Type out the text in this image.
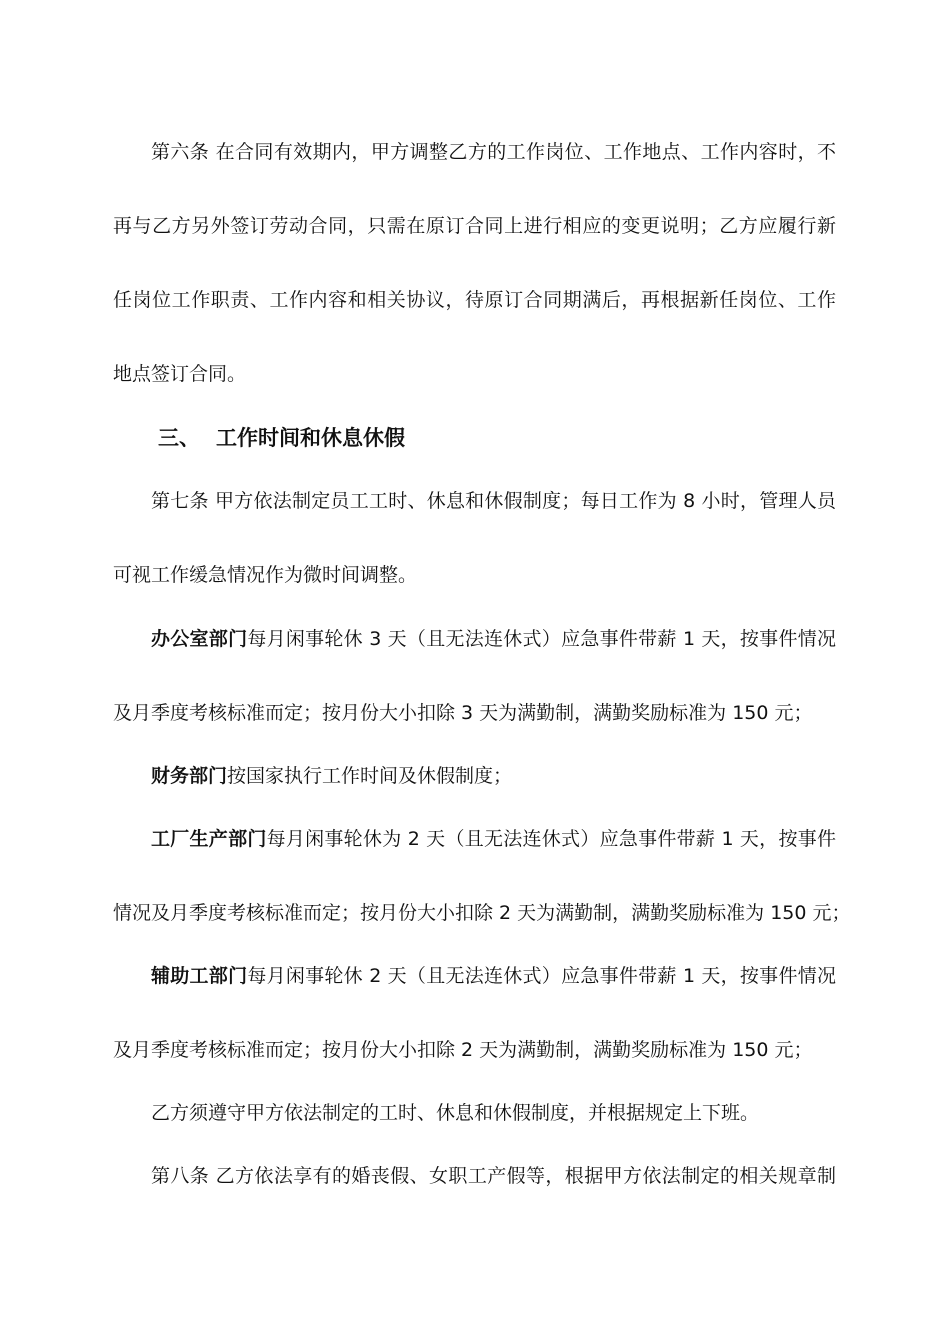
第六条 在合同有效期内，甲方调整乙方的工作岗位、工作地点、工作内容时，不
再与乙方另外签订劳动合同，只需在原订合同上进行相应的变更说明；乙方应履行新
任岗位工作职责、工作内容和相关协议，待原订合同期满后，再根据新任岗位、工作
地点签订合同。
三、 工作时间和休息休假
第七条 甲方依法制定员工工时、休息和休假制度；每日工作为 8 小时，管理人员
可视工作缓急情况作为微时间调整。
办公室部门每月闲事轮休 3 天（且无法连休式）应急事件带薪 1 天，按事件情况
及月季度考核标准而定；按月份大小扣除 3 天为满勤制，满勤奖励标准为 150 元；
财务部门按国家执行工作时间及休假制度；
工厂生产部门每月闲事轮休为 2 天（且无法连休式）应急事件带薪 1 天，按事件
情况及月季度考核标准而定；按月份大小扣除 2 天为满勤制，满勤奖励标准为 150 元；
辅助工部门每月闲事轮休 2 天（且无法连休式）应急事件带薪 1 天，按事件情况
及月季度考核标准而定；按月份大小扣除 2 天为满勤制，满勤奖励标准为 150 元；
乙方须遵守甲方依法制定的工时、休息和休假制度，并根据规定上下班。
第八条 乙方依法享有的婚丧假、女职工产假等，根据甲方依法制定的相关规章制
